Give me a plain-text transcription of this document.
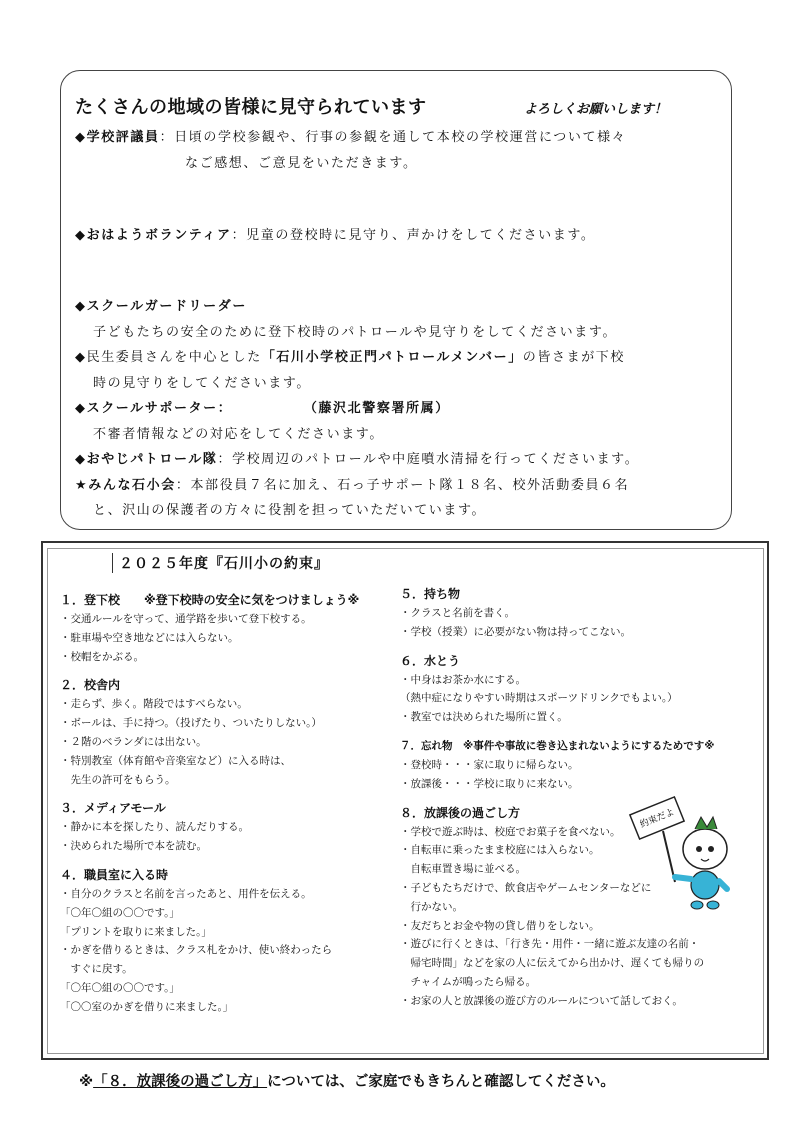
たくさんの地域の皆様に見守られています	よろしくお願いします！
◆学校評議員：日頃の学校参観や、行事の参観を通して本校の学校運営について様々
なご感想、ご意見をいただきます。
◆おはようボランティア：児童の登校時に見守り、声かけをしてくださいます。
◆スクールガードリーダー
子どもたちの安全のために登下校時のパトロールや見守りをしてくださいます。
◆民生委員さんを中心とした「石川小学校正門パトロールメンバー」の皆さまが下校
時の見守りをしてくださいます。
◆スクールサポーター：	（藤沢北警察署所属）
不審者情報などの対応をしてくださいます。
◆おやじパトロール隊：学校周辺のパトロールや中庭噴水清掃を行ってくださいます。
★みんな石小会：本部役員７名に加え、石っ子サポート隊１８名、校外活動委員６名
と、沢山の保護者の方々に役割を担っていただいています。
２０２５年度『石川小の約束』
１．登下校　　※登下校時の安全に気をつけましょう※
・交通ルールを守って、通学路を歩いて登下校する。
・駐車場や空き地などには入らない。
・校帽をかぶる。
２．校舎内
・走らず、歩く。階段ではすべらない。
・ボールは、手に持つ。（投げたり、ついたりしない。）
・２階のベランダには出ない。
・特別教室（体育館や音楽室など）に入る時は、
　先生の許可をもらう。
３．メディアモール
・静かに本を探したり、読んだりする。
・決められた場所で本を読む。
４．職員室に入る時
・自分のクラスと名前を言ったあと、用件を伝える。
「〇年〇組の〇〇です。」
「プリントを取りに来ました。」
・かぎを借りるときは、クラス札をかけ、使い終わったら
　すぐに戻す。
「〇年〇組の〇〇です。」
「〇〇室のかぎを借りに来ました。」
５．持ち物
・クラスと名前を書く。
・学校（授業）に必要がない物は持ってこない。
６．水とう
・中身はお茶か水にする。
（熱中症になりやすい時期はスポーツドリンクでもよい。）
・教室では決められた場所に置く。
７．忘れ物　※事件や事故に巻き込まれないようにするためです※
・登校時・・・家に取りに帰らない。
・放課後・・・学校に取りに来ない。
８．放課後の過ごし方
・学校で遊ぶ時は、校庭でお菓子を食べない。
・自転車に乗ったまま校庭には入らない。
　自転車置き場に並べる。
・子どもたちだけで、飲食店やゲームセンターなどに
　行かない。
・友だちとお金や物の貸し借りをしない。
・遊びに行くときは、「行き先・用件・一緒に遊ぶ友達の名前・
　帰宅時間」などを家の人に伝えてから出かけ、遅くても帰りの
　チャイムが鳴ったら帰る。
・お家の人と放課後の遊び方のルールについて話しておく。
約束だよ
※「８．放課後の過ごし方」については、ご家庭でもきちんと確認してください。
